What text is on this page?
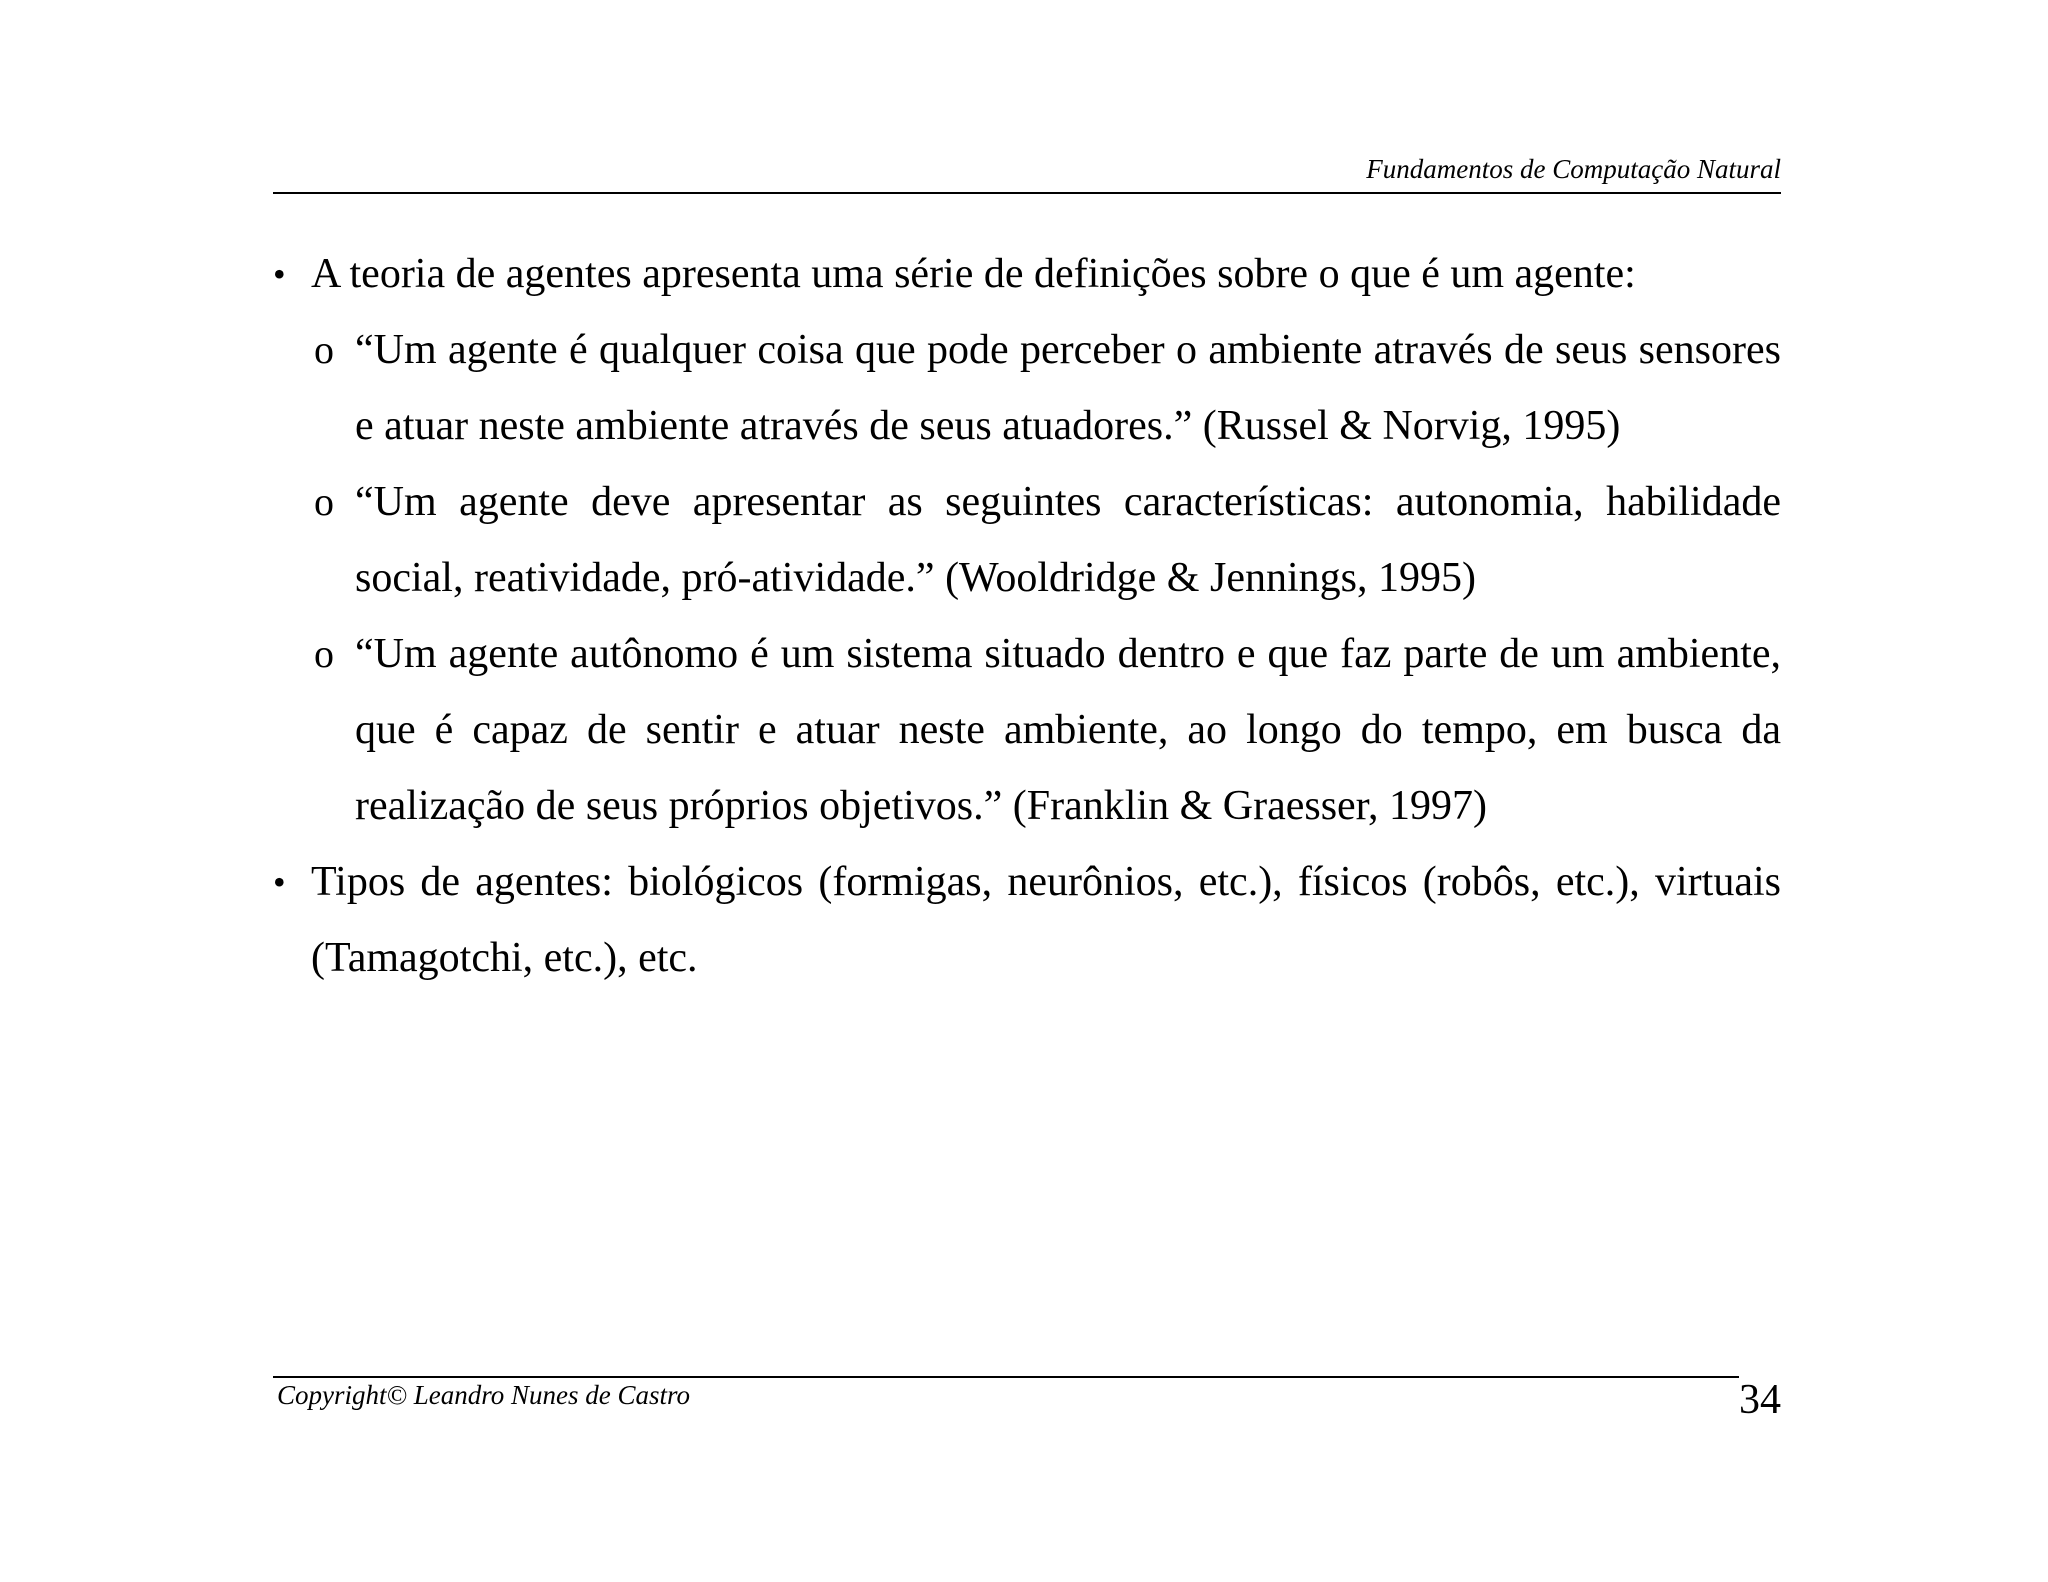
Fundamentos de Computação Natural

• A teoria de agentes apresenta uma série de definições sobre o que é um agente:

o “Um agente é qualquer coisa que pode perceber o ambiente através de seus sensores e atuar neste ambiente através de seus atuadores.” (Russel & Norvig, 1995)

o “Um agente deve apresentar as seguintes características: autonomia, habilidade social, reatividade, pró-atividade.” (Wooldridge & Jennings, 1995)

o “Um agente autônomo é um sistema situado dentro e que faz parte de um ambiente, que é capaz de sentir e atuar neste ambiente, ao longo do tempo, em busca da realização de seus próprios objetivos.” (Franklin & Graesser, 1997)

• Tipos de agentes: biológicos (formigas, neurônios, etc.), físicos (robôs, etc.), virtuais (Tamagotchi, etc.), etc.

Copyright© Leandro Nunes de Castro	34
